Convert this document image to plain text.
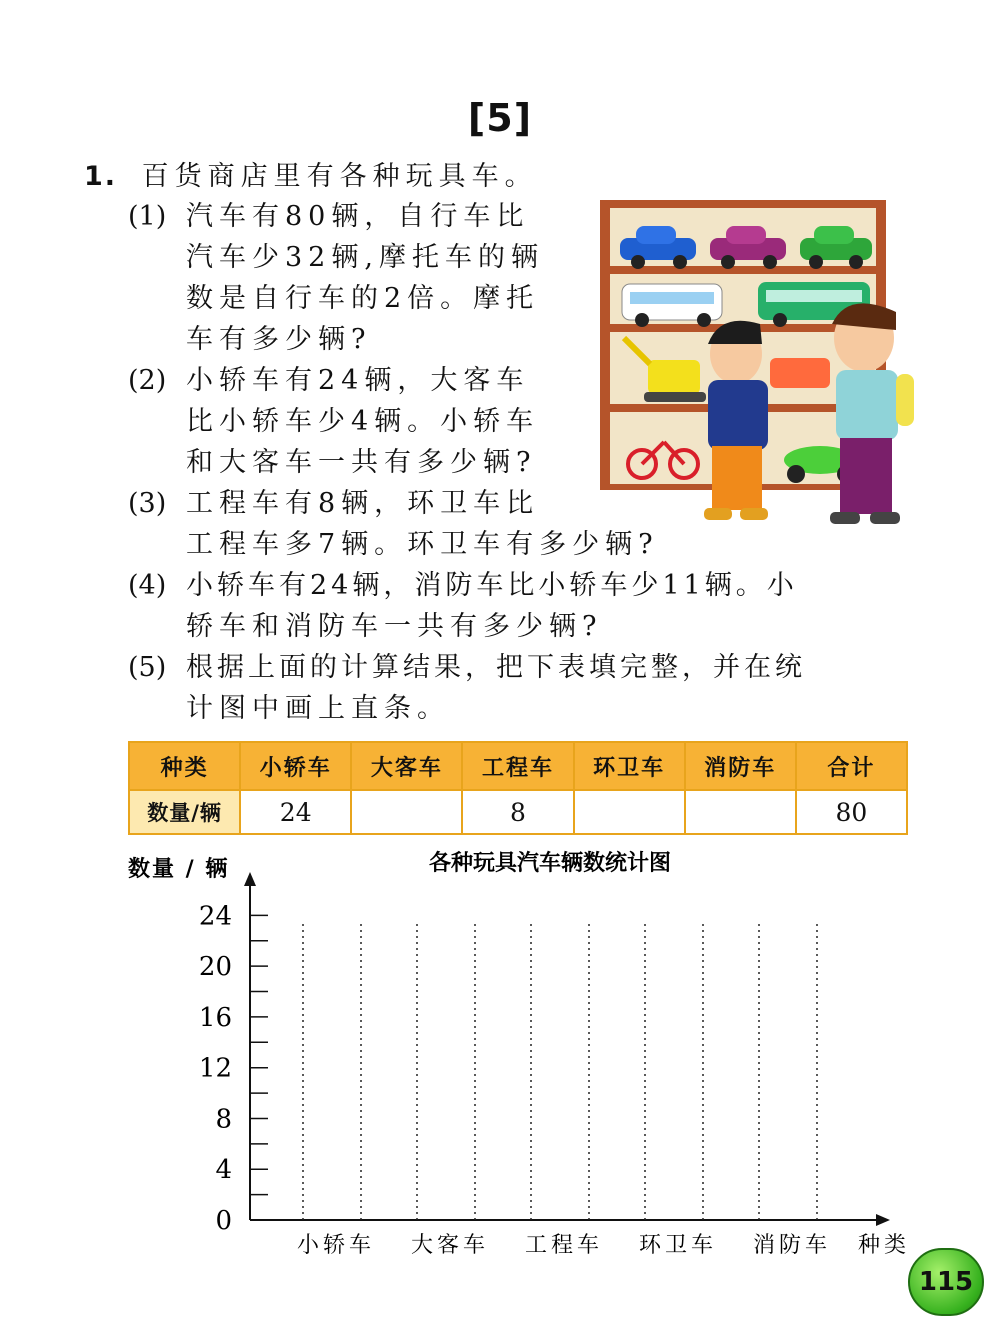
[5]
1. 百货商店里有各种玩具车。
(1) 汽车有80辆，自行车比
汽车少32辆,摩托车的辆
数是自行车的2倍。摩托
车有多少辆?
(2) 小轿车有24辆，大客车
比小轿车少4辆。小轿车
和大客车一共有多少辆?
(3) 工程车有8辆，环卫车比
工程车多7辆。环卫车有多少辆?
(4) 小轿车有24辆，消防车比小轿车少11辆。小
轿车和消防车一共有多少辆?
(5) 根据上面的计算结果，把下表填完整，并在统
计图中画上直条。
种类	小轿车	大客车	工程车	环卫车	消防车	合计
数量/辆	24		8			80
各种玩具汽车辆数统计图
数量 / 辆
种类
0
4
8
12
16
20
24
小轿车 大客车 工程车 环卫车 消防车
115
